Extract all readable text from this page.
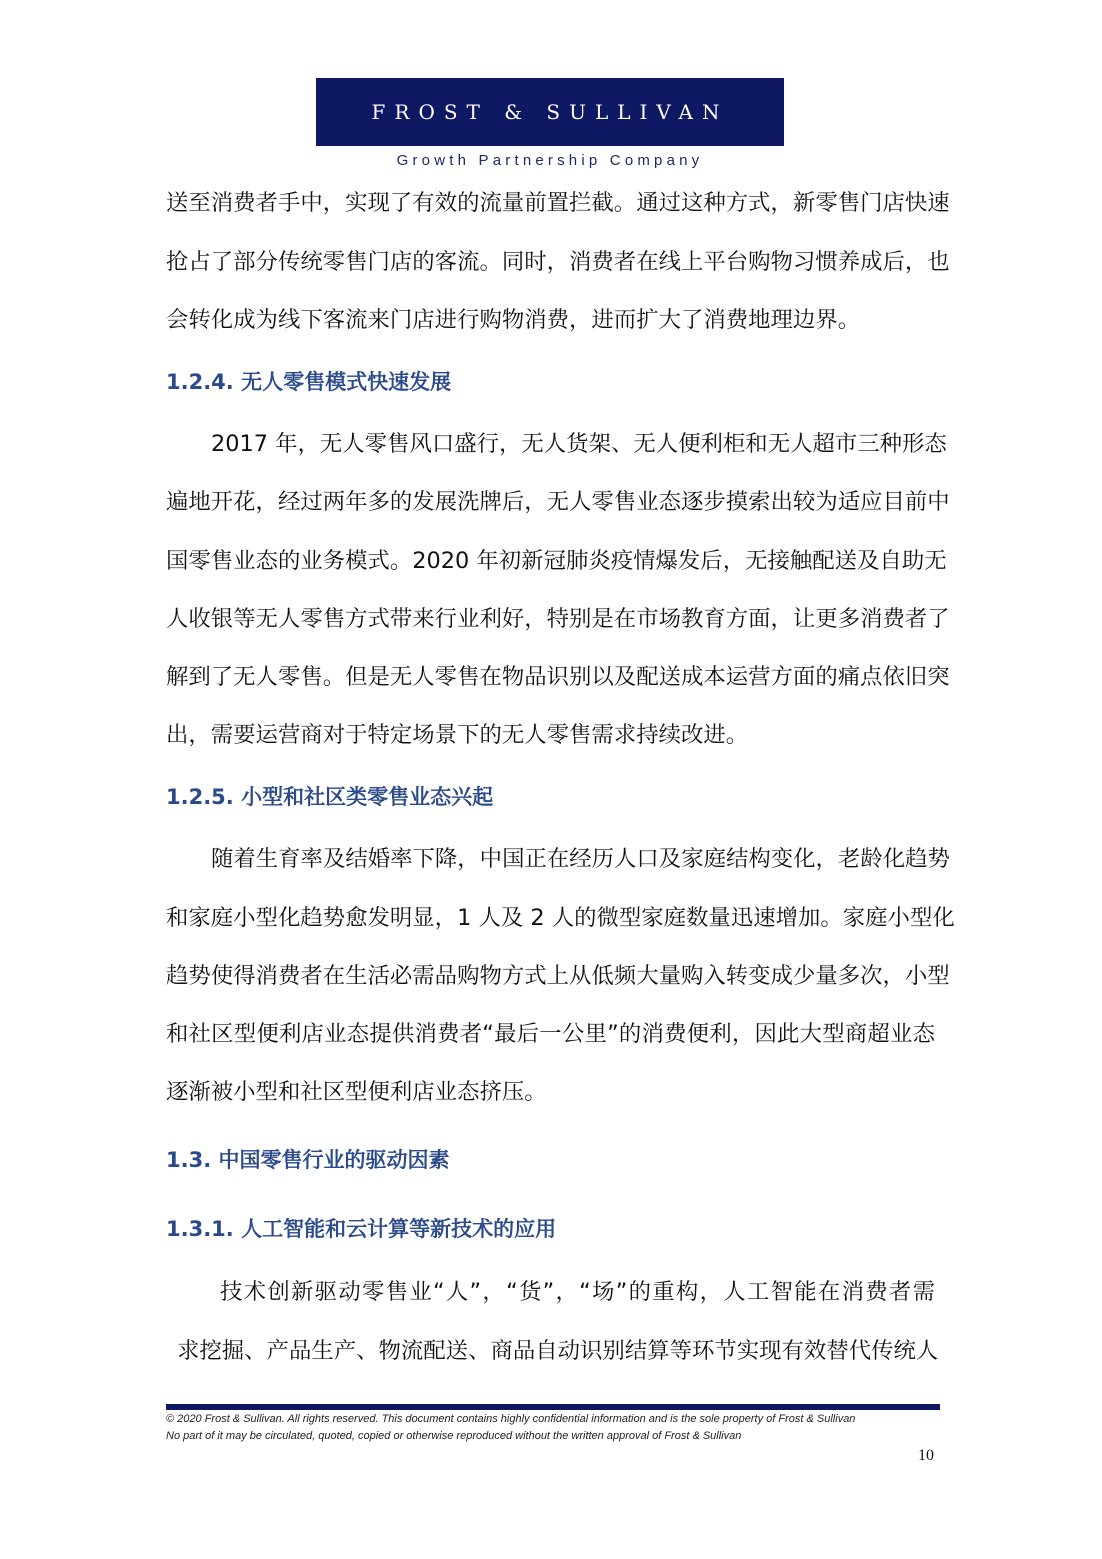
FROST & SULLIVAN
Growth Partnership Company
送至消费者手中，实现了有效的流量前置拦截。通过这种方式，新零售门店快速
抢占了部分传统零售门店的客流。同时，消费者在线上平台购物习惯养成后，也
会转化成为线下客流来门店进行购物消费，进而扩大了消费地理边界。
1.2.4. 无人零售模式快速发展
2017 年，无人零售风口盛行，无人货架、无人便利柜和无人超市三种形态
遍地开花，经过两年多的发展洗牌后，无人零售业态逐步摸索出较为适应目前中
国零售业态的业务模式。2020 年初新冠肺炎疫情爆发后，无接触配送及自助无
人收银等无人零售方式带来行业利好，特别是在市场教育方面，让更多消费者了
解到了无人零售。但是无人零售在物品识别以及配送成本运营方面的痛点依旧突
出，需要运营商对于特定场景下的无人零售需求持续改进。
1.2.5. 小型和社区类零售业态兴起
随着生育率及结婚率下降，中国正在经历人口及家庭结构变化，老龄化趋势
和家庭小型化趋势愈发明显，1 人及 2 人的微型家庭数量迅速增加。家庭小型化
趋势使得消费者在生活必需品购物方式上从低频大量购入转变成少量多次，小型
和社区型便利店业态提供消费者“最后一公里”的消费便利，因此大型商超业态
逐渐被小型和社区型便利店业态挤压。
1.3. 中国零售行业的驱动因素
1.3.1. 人工智能和云计算等新技术的应用
技术创新驱动零售业“人”，“货”，“场”的重构，人工智能在消费者需
求挖掘、产品生产、物流配送、商品自动识别结算等环节实现有效替代传统人
© 2020 Frost & Sullivan. All rights reserved. This document contains highly confidential information and is the sole property of Frost & Sullivan
No part of it may be circulated, quoted, copied or otherwise reproduced without the written approval of Frost & Sullivan
10
